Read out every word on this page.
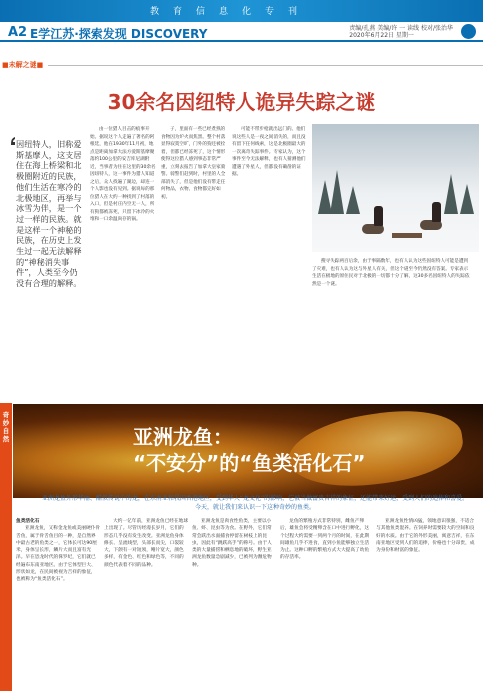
教育信息化专刊
A2 E学江苏·探索发现 DISCOVERY	责编/孔燕 美编/许 一 读线 校对/张治华
2020年6月22日 星期一
■未解之谜■
30余名因纽特人诡异失踪之谜
因纽特人，旧称爱斯基摩人，这支居住在海上桥梁和北极圈附近的民族，他们生活在寒冷的北极地区，再举与冰雪为伴，是一个过一样的民族。就是这样一个神秘的民族，在历史上发生过一起无法解释的“神秘消失事件”，人类至今仍没有合理的解释。

由一位猎人目击的痕事开始。据说这个人走遍了著名的阿根廷，他在1930年11月初，地点是距离加拿大法方爱斯基摩聚落约100公里的安吉库尼湖附近，当事者为住在这里的30余名因纽特人，这一事件为猎人知道之后，众人找遍了湖边，却连一个人影也没有见到。据说每的那位猎人在大约一种找到了村落的入口，但是村庄内空无一人，所有狗都被冻死，只留下冰冷的火堆和一口余温尚存的锅。

子，里面有一些已经煮熟的食物因为炉火而焦黑。整个村落显得寂寞空旷，门外的狗还被拴着，但都已经冻死了，这个情形使得这位猎人感到事态非常严重，立刻去报告了加拿大皇家骑警。骑警们赶到时，村里的人全部消失了，但是他们没有带走任何物品，衣物、食物都完好如初。

可能不带步枪就出远门的。他们说这些人是一夜之间消失的，而且没有留下任何线索，这是北极圈最大的一次离奇失踪事件。专家认为，这个事件至今无法解释，也有人猜测他们遭遇了外星人，但都没有确凿的证据。

搜寻失踪两百后余，由于事隔数年，也有人认为这些因纽特人可能是遭到了灾难，也有人认为这与外星人有关，但这个谜至今仍然没有答案。专家表示生活在极地的原住民对于北极的一切都十分了解，这30多名因纽特人的失踪依然是一个谜。

奇妙自然	亚洲龙鱼：
“不安分”的“鱼类活化石”
亚洲龙鱼外形华丽、酷似传说中的龙，在东南亚和我国香港地区，受到华人“龙文化”的影响，它被当做富贵吉祥的象征，还能带来好运，受到人们的追捧和喜爱。今天，就让我们来认识一下这种奇妙的鱼类。

鱼类活化石

亚洲龙鱼，又称金龙鱼或美丽硬仆骨舌鱼，属于骨舌鱼目的一种，是自然界中最古老的鱼类之一，它体长可达90厘米，身体呈长形，鳞片大而且富有光泽。早在恐龙时代的侏罗纪，它们就已经遍布东南亚地区。由于它体型巨大、形状如龙，在民间被视为吉祥的象征，也被称为“鱼类活化石”。

大约一亿年前，亚洲龙鱼已经在地球上出现了。尽管历经漫长岁月，它们的形态几乎没有发生改变。亚洲龙鱼身体修长、呈流线型，头部长而尖，口裂较大，下颌有一对短须，鳍片宽大，颜色多样，有金色、红色和绿色等，不同的颜色代表着不同的品种。

亚洲龙鱼是肉食性鱼类，主要以小鱼、虾、昆虫等为食。在野外，它们常常会跃出水面捕食停留在树枝上的昆虫，因此有“跳跃高手”的称号。由于人类的大量捕捞和栖息地的破坏，野生亚洲龙鱼数量急剧减少，已被列为濒危物种。

龙鱼的繁殖方式非常特别，雌鱼产卵后，雄鱼会将受精卵含在口中进行孵化，这个过程大约需要一到两个月的时间，在此期间雄鱼几乎不进食，直到小鱼能够独立生活为止。这种口孵的繁殖方式大大提高了幼鱼的存活率。

亚洲龙鱼性情凶猛，领地意识很强，不适合与其他鱼类混养。在饲养时需要较大的空间和良好的水质。由于它的外形美丽，寓意吉祥，在东南亚地区受到人们的追捧，价格也十分昂贵，成为身份和财富的象征。
